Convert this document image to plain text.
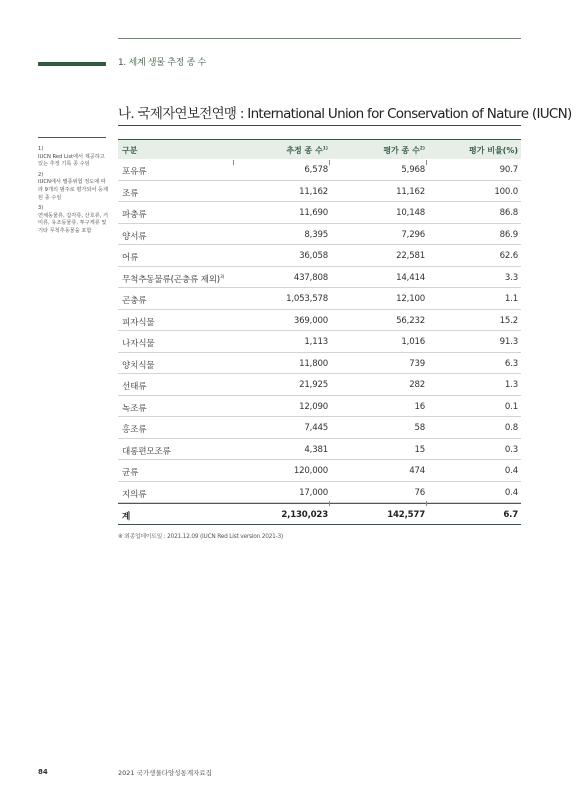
1. 세계 생물 추정 종 수
나. 국제자연보전연맹 : International Union for Conservation of Nature (IUCN)
1)
IUCN Red List에서 제공하고 있는 추정 기록 종 수임
2)
IUCN에서 멸종위험 정도에 따라 9개의 범주로 평가되어 등재된 종 수임
3)
연체동물류, 갑각류, 산호류, 거미류, 유조동물류, 투구게류 및 기타 무척추동물을 포함
구분	추정 종 수$^{1)}$	평가 종 수$^{2)}$	평가 비율(%)
포유류	6,578	5,968	90.7
조류	11,162	11,162	100.0
파충류	11,690	10,148	86.8
양서류	8,395	7,296	86.9
어류	36,058	22,581	62.6
무척추동물류(곤충류 제외)$^{3)}$	437,808	14,414	3.3
곤충류	1,053,578	12,100	1.1
피자식물	369,000	56,232	15.2
나자식물	1,113	1,016	91.3
양치식물	11,800	739	6.3
선태류	21,925	282	1.3
녹조류	12,090	16	0.1
홍조류	7,445	58	0.8
대롱편모조류	4,381	15	0.3
균류	120,000	474	0.4
지의류	17,000	76	0.4
계	2,130,023	142,577	6.7
※ 최종업데이트일 : 2021.12.09 (IUCN Red List version 2021-3)
84	2021 국가생물다양성통계자료집
